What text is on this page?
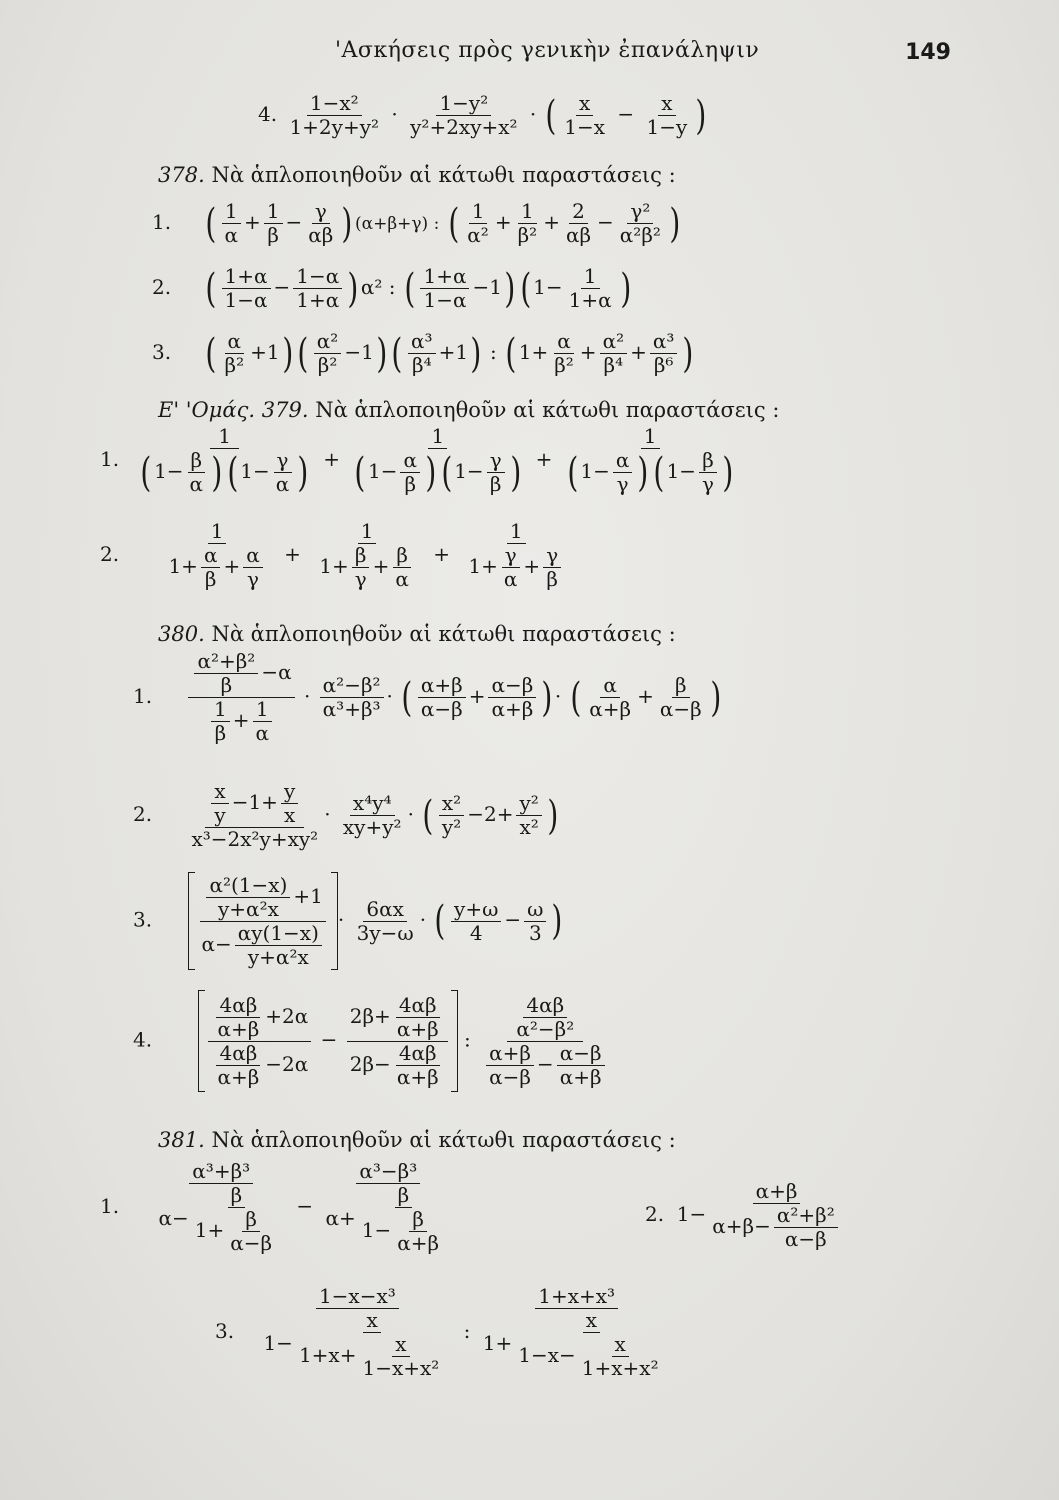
'Ασκήσεις πρὸς γενικὴν ἐπανάληψιν	149
4. $\frac{\text{1−x²}}{\text{1+2y+y²}} \cdot \frac{\text{1−y²}}{\text{y²+2xy+x²}}$ · ( $\frac{x}{1-x} - \frac{x}{1-y}$ )
378. Νὰ ἁπλοποιηθοῦν αἱ κάτωθι παραστάσεις :
1. ( $\frac{1}{\alpha} + \frac{1}{\beta} - \frac{\gamma}{\alpha\beta}$ ) (α+β+γ) : ( $\frac{1}{\text{α²}} + \frac{1}{\text{β²}} + \frac{2}{\alpha\beta} - \frac{\text{γ²}}{\text{α²β²}}$ )
2. ( $\frac{1+\alpha}{1-\alpha} - \frac{1-\alpha}{1+\alpha}$ ) α² : ( $\frac{1+\alpha}{1-\alpha} -1$) ( $1- \frac{1}{1+\alpha}$ )
3. ( $\frac{\alpha}{\text{β²}} +1$) ( $\frac{\text{α²}}{\text{β²}} -1$) ( $\frac{\text{α³}}{\text{β⁴}} +1$) : ( $1+ \frac{\alpha}{\text{β²}} + \frac{\text{α²}}{\text{β⁴}} + \frac{\text{α³}}{\text{β⁶}}$ )
Ε' 'Ομάς. 379. Νὰ ἁπλοποιηθοῦν αἱ κάτωθι παραστάσεις :
1. $\frac{1}{( 1- \frac{\beta}{\alpha} ) ( 1- \frac{\gamma}{\alpha} )} + \frac{1}{( 1- \frac{\alpha}{\beta} ) ( 1- \frac{\gamma}{\beta} )} + \frac{1}{( 1- \frac{\alpha}{\gamma} ) ( 1- \frac{\beta}{\gamma} )}$
2. $\frac{1}{1+ \frac{\alpha}{\beta} + \frac{\alpha}{\gamma}} + \frac{1}{1+ \frac{\beta}{\gamma} + \frac{\beta}{\alpha}} + \frac{1}{1+ \frac{\gamma}{\alpha} + \frac{\gamma}{\beta}}$
380. Νὰ ἁπλοποιηθοῦν αἱ κάτωθι παραστάσεις :
1. $\frac{\frac{\text{α²+β²}}{\beta} -\alpha}{\frac{1}{\beta} + \frac{1}{\alpha}} \cdot \frac{\text{α²−β²}}{\text{α³+β³}}$ · ( $\frac{\alpha+\beta}{\alpha-\beta} + \frac{\alpha-\beta}{\alpha+\beta}$ ) · ( $\frac{\alpha}{\alpha+\beta} + \frac{\beta}{\alpha-\beta}$ )
2. $\frac{\frac{x}{y} -1+ \frac{y}{x}}{\text{x³−2x²y+xy²}} \cdot \frac{\text{x⁴y⁴}}{\text{xy+y²}}$ · ( $\frac{\text{x²}}{\text{y²}} -2+ \frac{\text{y²}}{\text{x²}}$ )
3. $\frac{\frac{\text{α²(1−x)}}{\text{y+α²x}} +1}{\alpha- \frac{\alpha y(1-x)}{\text{y+α²x}}} \cdot \frac{6\alpha x}{3y-\omega}$ · ( $\frac{y+\omega}{4} - \frac{\omega}{3}$ )
4.	$\frac{\frac{4\alpha\beta}{\alpha+\beta} +2\alpha}{\frac{4\alpha\beta}{\alpha+\beta} -2\alpha} - \frac{2\beta+ \frac{4\alpha\beta}{\alpha+\beta}}{2\beta- \frac{4\alpha\beta}{\alpha+\beta}}$ : $\frac{\frac{4\alpha\beta}{\text{α²−β²}}}{\frac{\alpha+\beta}{\alpha-\beta} - \frac{\alpha-\beta}{\alpha+\beta}}$
381. Νὰ ἁπλοποιηθοῦν αἱ κάτωθι παραστάσεις :
1. $\frac{\text{α³+β³}}{\alpha- \frac{\beta}{1+ \frac{\beta}{\alpha-\beta}}} - \frac{\text{α³−β³}}{\alpha+ \frac{\beta}{1- \frac{\beta}{\alpha+\beta}}}$	2.  $1- \frac{\alpha+\beta}{\alpha+\beta- \frac{\text{α²+β²}}{\alpha-\beta}}$
3. $\frac{\text{1−x−x³}}{1- \frac{x}{1+x+ \frac{x}{\text{1−x+x²}}}}$ : $\frac{\text{1+x+x³}}{1+ \frac{x}{1-x- \frac{x}{\text{1+x+x²}}}}$
